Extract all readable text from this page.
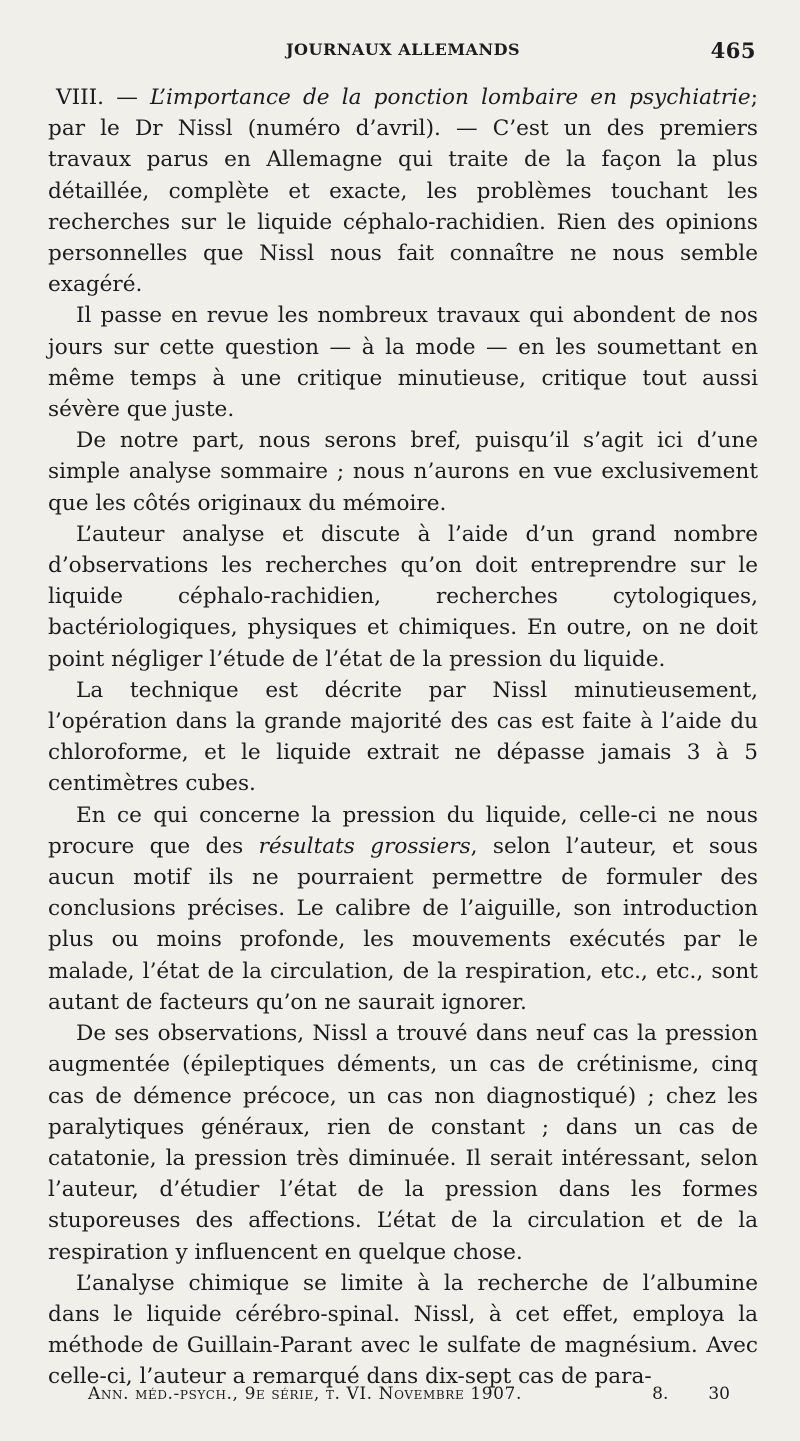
JOURNAUX ALLEMANDS	465

VIII. — L’importance de la ponction lombaire en psychiatrie; par le Dr Nissl (numéro d’avril). — C’est un des premiers travaux parus en Allemagne qui traite de la façon la plus détaillée, complète et exacte, les problèmes touchant les recherches sur le liquide céphalo-rachidien. Rien des opinions personnelles que Nissl nous fait connaître ne nous semble exagéré.

Il passe en revue les nombreux travaux qui abondent de nos jours sur cette question — à la mode — en les soumettant en même temps à une critique minutieuse, critique tout aussi sévère que juste.

De notre part, nous serons bref, puisqu’il s’agit ici d’une simple analyse sommaire ; nous n’aurons en vue exclusivement que les côtés originaux du mémoire.

L’auteur analyse et discute à l’aide d’un grand nombre d’observations les recherches qu’on doit entreprendre sur le liquide céphalo-rachidien, recherches cytologiques, bactériologiques, physiques et chimiques. En outre, on ne doit point négliger l’étude de l’état de la pression du liquide.

La technique est décrite par Nissl minutieusement, l’opération dans la grande majorité des cas est faite à l’aide du chloroforme, et le liquide extrait ne dépasse jamais 3 à 5 centimètres cubes.

En ce qui concerne la pression du liquide, celle-ci ne nous procure que des résultats grossiers, selon l’auteur, et sous aucun motif ils ne pourraient permettre de formuler des conclusions précises. Le calibre de l’aiguille, son introduction plus ou moins profonde, les mouvements exécutés par le malade, l’état de la circulation, de la respiration, etc., etc., sont autant de facteurs qu’on ne saurait ignorer.

De ses observations, Nissl a trouvé dans neuf cas la pression augmentée (épileptiques déments, un cas de crétinisme, cinq cas de démence précoce, un cas non diagnostiqué) ; chez les paralytiques généraux, rien de constant ; dans un cas de catatonie, la pression très diminuée. Il serait intéressant, selon l’auteur, d’étudier l’état de la pression dans les formes stuporeuses des affections. L’état de la circulation et de la respiration y influencent en quelque chose.

L’analyse chimique se limite à la recherche de l’albumine dans le liquide cérébro-spinal. Nissl, à cet effet, employa la méthode de Guillain-Parant avec le sulfate de magnésium. Avec celle-ci, l’auteur a remarqué dans dix-sept cas de para-

Ann. méd.-psych., 9e série, t. VI. Novembre 1907.	8. 30
